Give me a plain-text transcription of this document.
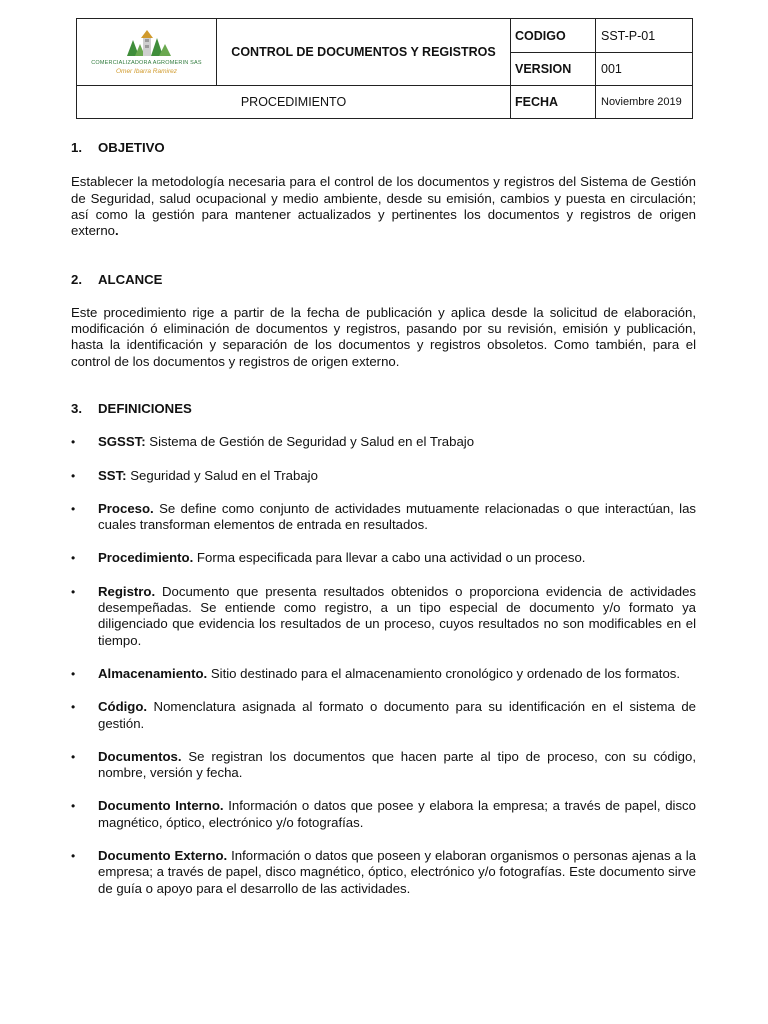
COMERCIALIZADORA AGROMERIN SAS
Omer Ibarra Ramirez	CONTROL DE DOCUMENTOS Y REGISTROS	CODIGO	SST-P-01
		VERSION	001
PROCEDIMIENTO		FECHA	Noviembre 2019
1.	OBJETIVO

Establecer la metodología necesaria para el control de los documentos y registros del Sistema de Gestión de Seguridad, salud ocupacional y medio ambiente, desde su emisión, cambios y puesta en circulación; así como la gestión para mantener actualizados y pertinentes los documentos y registros de origen externo.

2.	ALCANCE

Este procedimiento rige a partir de la fecha de publicación y aplica desde la solicitud de elaboración, modificación ó eliminación de documentos y registros, pasando por su revisión, emisión y publicación, hasta la identificación y separación de los documentos y registros obsoletos. Como también, para el control de los documentos y registros de origen externo.

3.	DEFINICIONES
•	SGSST: Sistema de Gestión de Seguridad y Salud en el Trabajo
•	SST: Seguridad y Salud en el Trabajo
•	Proceso. Se define como conjunto de actividades mutuamente relacionadas o que interactúan, las cuales transforman elementos de entrada en resultados.
•	Procedimiento. Forma especificada para llevar a cabo una actividad o un proceso.
•	Registro. Documento que presenta resultados obtenidos o proporciona evidencia de actividades desempeñadas. Se entiende como registro, a un tipo especial de documento y/o formato ya diligenciado que evidencia los resultados de un proceso, cuyos resultados no son modificables en el tiempo.
•	Almacenamiento. Sitio destinado para el almacenamiento cronológico y ordenado de los formatos.
•	Código. Nomenclatura asignada al formato o documento para su identificación en el sistema de gestión.
•	Documentos. Se registran los documentos que hacen parte al tipo de proceso, con su código, nombre, versión y fecha.
•	Documento Interno. Información o datos que posee y elabora la empresa; a través de papel, disco magnético, óptico, electrónico y/o fotografías.
•	Documento Externo. Información o datos que poseen y elaboran organismos o personas ajenas a la empresa; a través de papel, disco magnético, óptico, electrónico y/o fotografías. Este documento sirve de guía o apoyo para el desarrollo de las actividades.
